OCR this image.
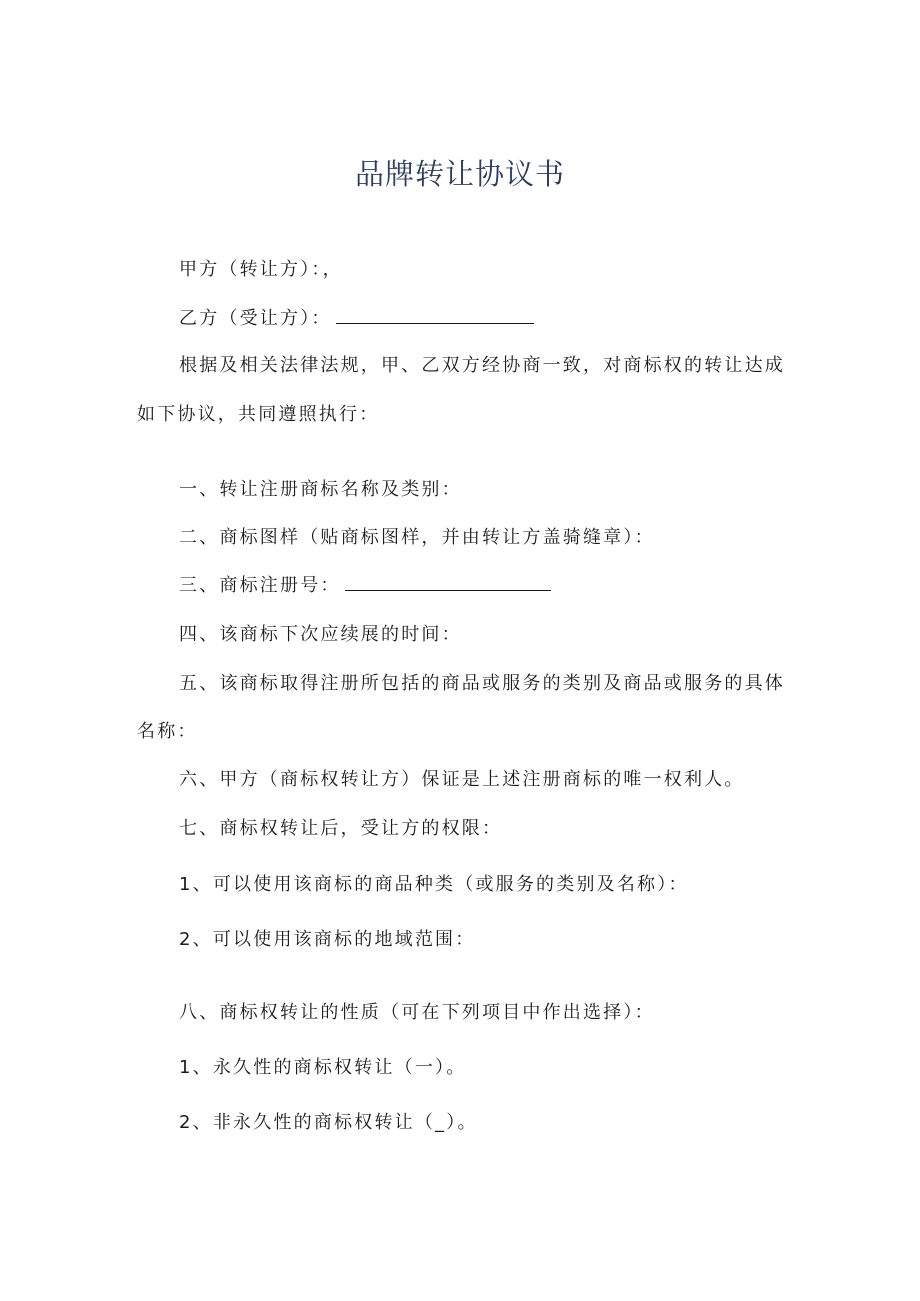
品牌转让协议书
甲方（转让方）：，
乙方（受让方）：
根据及相关法律法规，甲、乙双方经协商一致，对商标权的转让达成
如下协议，共同遵照执行：
一、转让注册商标名称及类别：
二、商标图样（贴商标图样，并由转让方盖骑缝章）：
三、商标注册号：
四、该商标下次应续展的时间：
五、该商标取得注册所包括的商品或服务的类别及商品或服务的具体
名称：
六、甲方（商标权转让方）保证是上述注册商标的唯一权利人。
七、商标权转让后，受让方的权限：
1、可以使用该商标的商品种类（或服务的类别及名称）：
2、可以使用该商标的地域范围：
八、商标权转让的性质（可在下列项目中作出选择）：
1、永久性的商标权转让（一）。
2、非永久性的商标权转让（_）。
